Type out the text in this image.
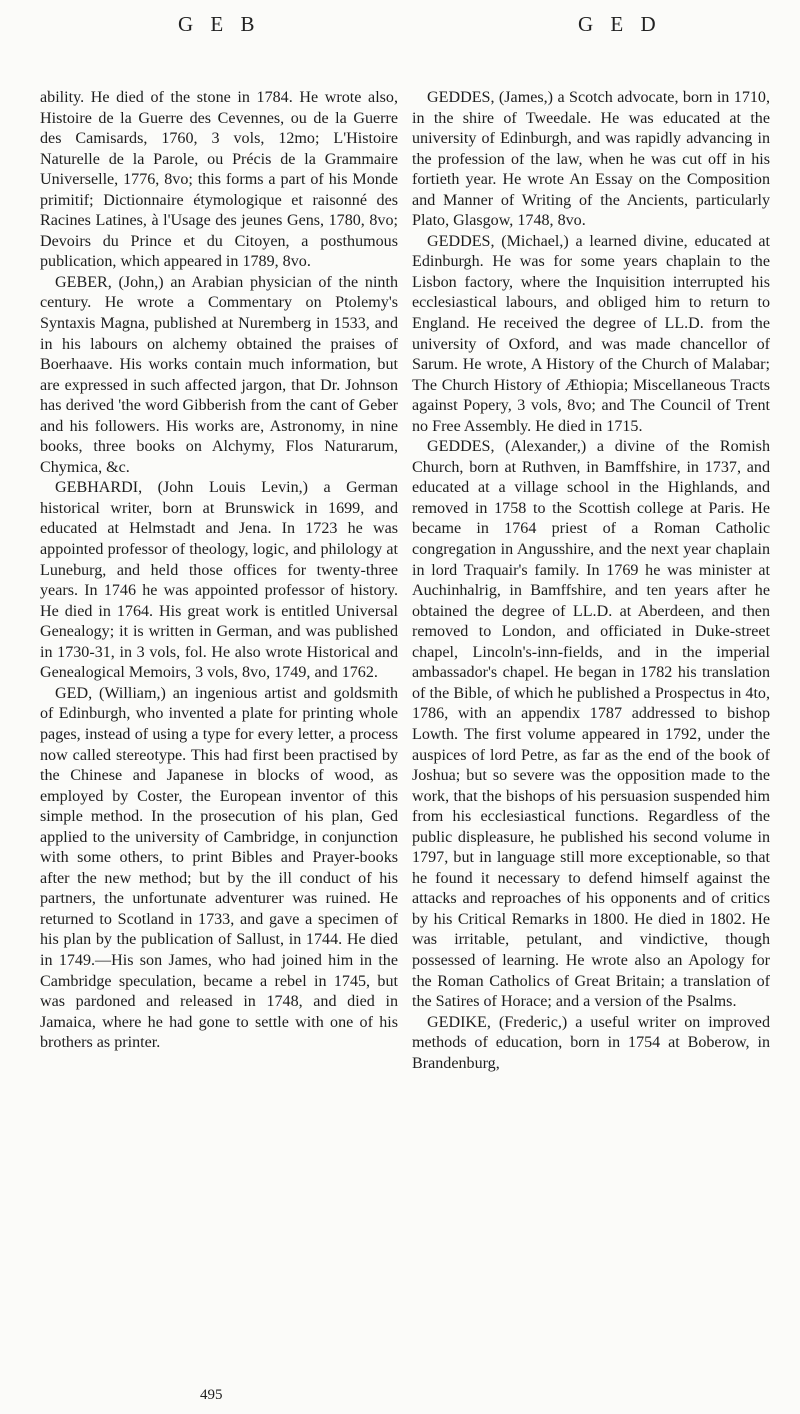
G E B	G E D

ability. He died of the stone in 1784. He wrote also, Histoire de la Guerre des Cevennes, ou de la Guerre des Camisards, 1760, 3 vols, 12mo; L'Histoire Naturelle de la Parole, ou Précis de la Grammaire Universelle, 1776, 8vo; this forms a part of his Monde primitif; Dictionnaire étymologique et raisonné des Racines Latines, à l'Usage des jeunes Gens, 1780, 8vo; Devoirs du Prince et du Citoyen, a posthumous publication, which appeared in 1789, 8vo.

GEBER, (John,) an Arabian physician of the ninth century. He wrote a Commentary on Ptolemy's Syntaxis Magna, published at Nuremberg in 1533, and in his labours on alchemy obtained the praises of Boerhaave. His works contain much information, but are expressed in such affected jargon, that Dr. Johnson has derived 'the word Gibberish from the cant of Geber and his followers. His works are, Astronomy, in nine books, three books on Alchymy, Flos Naturarum, Chymica, &c.

GEBHARDI, (John Louis Levin,) a German historical writer, born at Brunswick in 1699, and educated at Helmstadt and Jena. In 1723 he was appointed professor of theology, logic, and philology at Luneburg, and held those offices for twenty-three years. In 1746 he was appointed professor of history. He died in 1764. His great work is entitled Universal Genealogy; it is written in German, and was published in 1730-31, in 3 vols, fol. He also wrote Historical and Genealogical Memoirs, 3 vols, 8vo, 1749, and 1762.

GED, (William,) an ingenious artist and goldsmith of Edinburgh, who invented a plate for printing whole pages, instead of using a type for every letter, a process now called stereotype. This had first been practised by the Chinese and Japanese in blocks of wood, as employed by Coster, the European inventor of this simple method. In the prosecution of his plan, Ged applied to the university of Cambridge, in conjunction with some others, to print Bibles and Prayer-books after the new method; but by the ill conduct of his partners, the unfortunate adventurer was ruined. He returned to Scotland in 1733, and gave a specimen of his plan by the publication of Sallust, in 1744. He died in 1749.—His son James, who had joined him in the Cambridge speculation, became a rebel in 1745, but was pardoned and released in 1748, and died in Jamaica, where he had gone to settle with one of his brothers as printer.

GEDDES, (James,) a Scotch advocate, born in 1710, in the shire of Tweedale. He was educated at the university of Edinburgh, and was rapidly advancing in the profession of the law, when he was cut off in his fortieth year. He wrote An Essay on the Composition and Manner of Writing of the Ancients, particularly Plato, Glasgow, 1748, 8vo.

GEDDES, (Michael,) a learned divine, educated at Edinburgh. He was for some years chaplain to the Lisbon factory, where the Inquisition interrupted his ecclesiastical labours, and obliged him to return to England. He received the degree of LL.D. from the university of Oxford, and was made chancellor of Sarum. He wrote, A History of the Church of Malabar; The Church History of Æthiopia; Miscellaneous Tracts against Popery, 3 vols, 8vo; and The Council of Trent no Free Assembly. He died in 1715.

GEDDES, (Alexander,) a divine of the Romish Church, born at Ruthven, in Bamffshire, in 1737, and educated at a village school in the Highlands, and removed in 1758 to the Scottish college at Paris. He became in 1764 priest of a Roman Catholic congregation in Angusshire, and the next year chaplain in lord Traquair's family. In 1769 he was minister at Auchinhalrig, in Bamffshire, and ten years after he obtained the degree of LL.D. at Aberdeen, and then removed to London, and officiated in Duke-street chapel, Lincoln's-inn-fields, and in the imperial ambassador's chapel. He began in 1782 his translation of the Bible, of which he published a Prospectus in 4to, 1786, with an appendix 1787 addressed to bishop Lowth. The first volume appeared in 1792, under the auspices of lord Petre, as far as the end of the book of Joshua; but so severe was the opposition made to the work, that the bishops of his persuasion suspended him from his ecclesiastical functions. Regardless of the public displeasure, he published his second volume in 1797, but in language still more exceptionable, so that he found it necessary to defend himself against the attacks and reproaches of his opponents and of critics by his Critical Remarks in 1800. He died in 1802. He was irritable, petulant, and vindictive, though possessed of learning. He wrote also an Apology for the Roman Catholics of Great Britain; a translation of the Satires of Horace; and a version of the Psalms.

GEDIKE, (Frederic,) a useful writer on improved methods of education, born in 1754 at Boberow, in Brandenburg,

495
